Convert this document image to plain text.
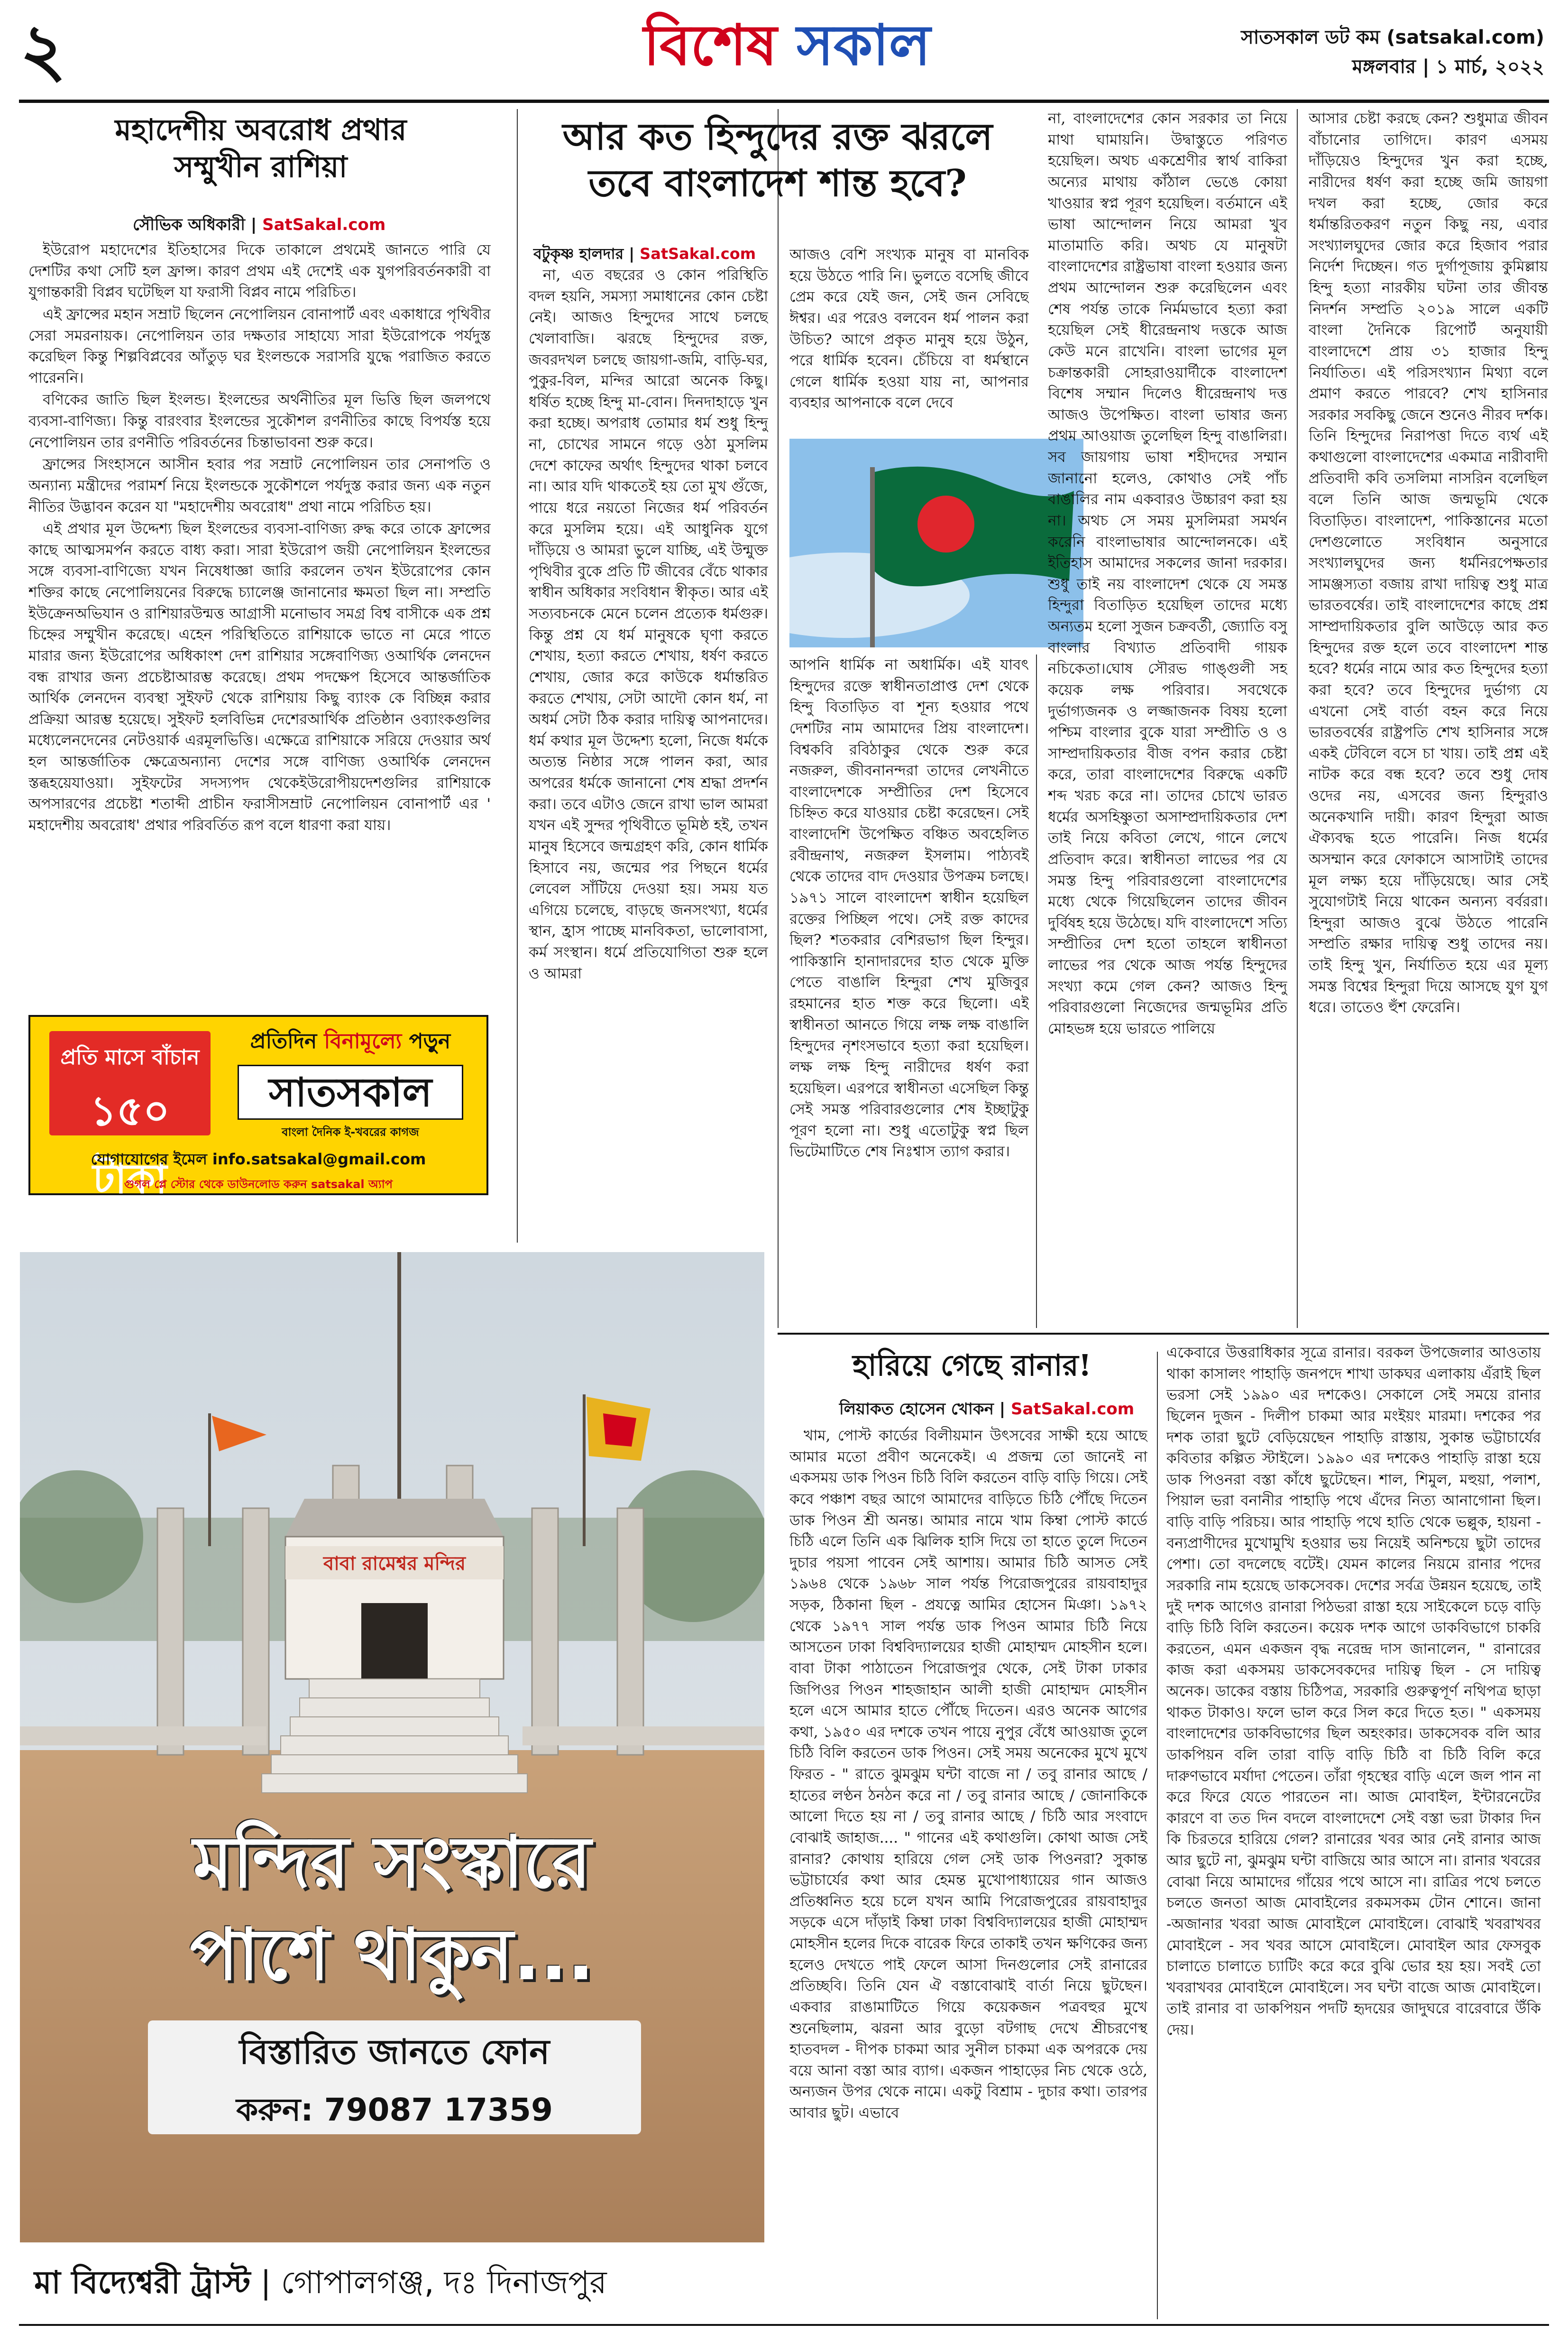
২	বিশেষ সকাল	সাতসকাল ডট কম (satsakal.com)
মঙ্গলবার | ১ মার্চ, ২০২২
মহাদেশীয় অবরোধ প্রথার সম্মুখীন রাশিয়া
সৌভিক অধিকারী | SatSakal.com

ইউরোপ মহাদেশের ইতিহাসের দিকে তাকালে প্রথমেই জানতে পারি যে দেশটির কথা সেটি হল ফ্রান্স। কারণ প্রথম এই দেশেই এক যুগপরিবর্তনকারী বা যুগান্তকারী বিপ্লব ঘটেছিল যা ফরাসী বিপ্লব নামে পরিচিত।

এই ফ্রান্সের মহান সম্রাট ছিলেন নেপোলিয়ন বোনাপার্ট এবং একাধারে পৃথিবীর সেরা সমরনায়ক। নেপোলিয়ন তার দক্ষতার সাহায্যে সারা ইউরোপকে পর্যদুস্ত করেছিল কিন্তু শিল্পবিপ্লবের আঁতুড় ঘর ইংলন্ডকে সরাসরি যুদ্ধে পরাজিত করতে পারেননি।

বণিকের জাতি ছিল ইংলন্ড। ইংলন্ডের অর্থনীতির মূল ভিত্তি ছিল জলপথে ব্যবসা-বাণিজ্য। কিন্তু বারংবার ইংলন্ডের সুকৌশল রণনীতির কাছে বিপর্যস্ত হয়ে নেপোলিয়ন তার রণনীতি পরিবর্তনের চিন্তাভাবনা শুরু করে।

ফ্রান্সের সিংহাসনে আসীন হবার পর সম্রাট নেপোলিয়ন তার সেনাপতি ও অন্যান্য মন্ত্রীদের পরামর্শ নিয়ে ইংলন্ডকে সুকৌশলে পর্যদুস্ত করার জন্য এক নতুন নীতির উদ্ভাবন করেন যা "মহাদেশীয় অবরোধ" প্রথা নামে পরিচিত হয়।

এই প্রথার মূল উদ্দেশ্য ছিল ইংলন্ডের ব্যবসা-বাণিজ্য রুদ্ধ করে তাকে ফ্রান্সের কাছে আত্মসমর্পন করতে বাধ্য করা। সারা ইউরোপ জয়ী নেপোলিয়ন ইংলন্ডের সঙ্গে ব্যবসা-বাণিজ্যে যখন নিষেধাজ্ঞা জারি করলেন তখন ইউরোপের কোন শক্তির কাছে নেপোলিয়নের বিরুদ্ধে চ্যালেঞ্জ জানানোর ক্ষমতা ছিল না। সম্প্রতি ইউক্রেনঅভিযান ও রাশিয়ারউন্মত্ত আগ্রাসী মনোভাব সমগ্র বিশ্ব বাসীকে এক প্রশ্ন চিহ্নের সম্মুখীন করেছে। এহেন পরিস্থিতিতে রাশিয়াকে ভাতে না মেরে পাতে মারার জন্য ইউরোপের অধিকাংশ দেশ রাশিয়ার সঙ্গেবাণিজ্য ওআর্থিক লেনদেন বন্ধ রাখার জন্য প্রচেষ্টাআরম্ভ করেছে। প্রথম পদক্ষেপ হিসেবে আন্তর্জাতিক আর্থিক লেনদেন ব্যবস্থা সুইফট থেকে রাশিয়ায় কিছু ব্যাংক কে বিচ্ছিন্ন করার প্রক্রিয়া আরম্ভ হয়েছে। সুইফট হলবিভিন্ন দেশেরআর্থিক প্রতিষ্ঠান ওব্যাংকগুলির মধ্যেলেনদেনের নেটওয়ার্ক এরমূলভিত্তি। এক্ষেত্রে রাশিয়াকে সরিয়ে দেওয়ার অর্থ হল আন্তর্জাতিক ক্ষেত্রেঅন্যান্য দেশের সঙ্গে বাণিজ্য ওআর্থিক লেনদেন স্তব্ধহয়েযাওয়া। সুইফটের সদস্যপদ থেকেইউরোপীয়দেশগুলির রাশিয়াকে অপসারণের প্রচেষ্টা শতাব্দী প্রাচীন ফরাসীসম্রাট নেপোলিয়ন বোনাপার্ট এর ' মহাদেশীয় অবরোধ' প্রথার পরিবর্তিত রূপ বলে ধারণা করা যায়।

প্রতি মাসে বাঁচান
১৫০ টাকা
প্রতিদিন বিনামূল্যে পড়ুন
সাতসকাল
বাংলা দৈনিক ই-খবরের কাগজ
যোগাযোগের ইমেল info.satsakal@gmail.com
গুগল প্লে স্টোর থেকে ডাউনলোড করুন satsakal অ্যাপ
বাবা রামেশ্বর মন্দির
মন্দির সংস্কারে
পাশে থাকুন...
বিস্তারিত জানতে ফোন
করুন: 79087 17359
মা বিদ্যেশ্বরী ট্রাস্ট | গোপালগঞ্জ, দঃ দিনাজপুর
আর কত হিন্দুদের রক্ত ঝরলে তবে বাংলাদেশ শান্ত হবে?
বটুকৃষ্ণ হালদার | SatSakal.com

না, এত বছরের ও কোন পরিস্থিতি বদল হয়নি, সমস্যা সমাধানের কোন চেষ্টা নেই। আজও হিন্দুদের সাথে চলছে খেলাবাজি। ঝরছে হিন্দুদের রক্ত, জবরদখল চলছে জায়গা-জমি, বাড়ি-ঘর, পুকুর-বিল, মন্দির আরো অনেক কিছু। ধর্ষিত হচ্ছে হিন্দু মা-বোন। দিনদাহাড়ে খুন করা হচ্ছে। অপরাধ তোমার ধর্ম শুধু হিন্দু না, চোখের সামনে গড়ে ওঠা মুসলিম দেশে কাফের অর্থাৎ হিন্দুদের থাকা চলবে না। আর যদি থাকতেই হয় তো মুখ গুঁজে, পায়ে ধরে নয়তো নিজের ধর্ম পরিবর্তন করে মুসলিম হয়ে। এই আধুনিক যুগে দাঁড়িয়ে ও আমরা ভুলে যাচ্ছি, এই উন্মুক্ত পৃথিবীর বুকে প্রতি টি জীবের বেঁচে থাকার স্বাধীন অধিকার সংবিধান স্বীকৃত। আর এই সত্যবচনকে মেনে চলেন প্রত্যেক ধর্মগুরু। কিন্তু প্রশ্ন যে ধর্ম মানুষকে ঘৃণা করতে শেখায়, হত্যা করতে শেখায়, ধর্ষণ করতে শেখায়, জোর করে কাউকে ধর্মান্তরিত করতে শেখায়, সেটা আদৌ কোন ধর্ম, না অধর্ম সেটা ঠিক করার দায়িত্ব আপনাদের। ধর্ম কথার মূল উদ্দেশ্য হলো, নিজে ধর্মকে অত্যন্ত নিষ্ঠার সঙ্গে পালন করা, আর অপরের ধর্মকে জানানো শেষ শ্রদ্ধা প্রদর্শন করা। তবে এটাও জেনে রাখা ভাল আমরা যখন এই সুন্দর পৃথিবীতে ভূমিষ্ঠ হই, তখন মানুষ হিসেবে জন্মগ্রহণ করি, কোন ধার্মিক হিসাবে নয়, জন্মের পর পিছনে ধর্মের লেবেল সাঁটিয়ে দেওয়া হয়। সময় যত এগিয়ে চলেছে, বাড়ছে জনসংখ্যা, ধর্মের স্থান, হ্রাস পাচ্ছে মানবিকতা, ভালোবাসা, কর্ম সংস্থান। ধর্মে প্রতিযোগিতা শুরু হলে ও আমরা

আজও বেশি সংখ্যক মানুষ বা মানবিক হয়ে উঠতে পারি নি। ভুলতে বসেছি জীবে প্রেম করে যেই জন, সেই জন সেবিছে ঈশ্বর। এর পরেও বলবেন ধর্ম পালন করা উচিত? আগে প্রকৃত মানুষ হয়ে উঠুন, পরে ধার্মিক হবেন। চেঁচিয়ে বা ধর্মস্থানে গেলে ধার্মিক হওয়া যায় না, আপনার ব্যবহার আপনাকে বলে দেবে

আপনি ধার্মিক না অধার্মিক। এই যাবৎ হিন্দুদের রক্তে স্বাধীনতাপ্রাপ্ত দেশ থেকে হিন্দু বিতাড়িত বা শূন্য হওয়ার পথে দেশটির নাম আমাদের প্রিয় বাংলাদেশ। বিশ্বকবি রবিঠাকুর থেকে শুরু করে নজরুল, জীবনানন্দরা তাদের লেখনীতে বাংলাদেশকে সম্প্রীতির দেশ হিসেবে চিহ্নিত করে যাওয়ার চেষ্টা করেছেন। সেই বাংলাদেশি উপেক্ষিত বঞ্চিত অবহেলিত রবীন্দ্রনাথ, নজরুল ইসলাম। পাঠ্যবই থেকে তাদের বাদ দেওয়ার উপক্রম চলছে। ১৯৭১ সালে বাংলাদেশ স্বাধীন হয়েছিল রক্তের পিচ্ছিল পথে। সেই রক্ত কাদের ছিল? শতকরার বেশিরভাগ ছিল হিন্দুর। পাকিস্তানি হানাদারদের হাত থেকে মুক্তি পেতে বাঙালি হিন্দুরা শেখ মুজিবুর রহমানের হাত শক্ত করে ছিলো। এই স্বাধীনতা আনতে গিয়ে লক্ষ লক্ষ বাঙালি হিন্দুদের নৃশংসভাবে হত্যা করা হয়েছিল। লক্ষ লক্ষ হিন্দু নারীদের ধর্ষণ করা হয়েছিল। এরপরে স্বাধীনতা এসেছিল কিন্তু সেই সমস্ত পরিবারগুলোর শেষ ইচ্ছাটুকু পূরণ হলো না। শুধু এতোটুকু স্বপ্ন ছিল ভিটেমাটিতে শেষ নিঃশ্বাস ত্যাগ করার।

না, বাংলাদেশের কোন সরকার তা নিয়ে মাথা ঘামায়নি। উদ্বাস্তুতে পরিণত হয়েছিল। অথচ একশ্রেণীর স্বার্থ বাকিরা অন্যের মাথায় কাঁঠাল ভেঙে কোয়া খাওয়ার স্বপ্ন পূরণ হয়েছিল। বর্তমানে এই ভাষা আন্দোলন নিয়ে আমরা খুব মাতামাতি করি। অথচ যে মানুষটা বাংলাদেশের রাষ্ট্রভাষা বাংলা হওয়ার জন্য প্রথম আন্দোলন শুরু করেছিলেন এবং শেষ পর্যন্ত তাকে নির্মমভাবে হত্যা করা হয়েছিল সেই ধীরেন্দ্রনাথ দত্তকে আজ কেউ মনে রাখেনি। বাংলা ভাগের মূল চক্রান্তকারী সোহরাওয়ার্দীকে বাংলাদেশ বিশেষ সম্মান দিলেও ধীরেন্দ্রনাথ দত্ত আজও উপেক্ষিত। বাংলা ভাষার জন্য প্রথম আওয়াজ তুলেছিল হিন্দু বাঙালিরা। সব জায়গায় ভাষা শহীদদের সম্মান জানানো হলেও, কোথাও সেই পাঁচ বাঙালির নাম একবারও উচ্চারণ করা হয় না। অথচ সে সময় মুসলিমরা সমর্থন করেনি বাংলাভাষার আন্দোলনকে। এই ইতিহাস আমাদের সকলের জানা দরকার। শুধু তাই নয় বাংলাদেশ থেকে যে সমস্ত হিন্দুরা বিতাড়িত হয়েছিল তাদের মধ্যে অন্যতম হলো সুজন চক্রবর্তী, জ্যোতি বসু বাংলার বিখ্যাত প্রতিবাদী গায়ক নচিকেতা।ঘোষ সৌরভ গাঙ্গুলী সহ কয়েক লক্ষ পরিবার। সবথেকে দুর্ভাগ্যজনক ও লজ্জাজনক বিষয় হলো পশ্চিম বাংলার বুকে যারা সম্প্রীতি ও ও সাম্প্রদায়িকতার বীজ বপন করার চেষ্টা করে, তারা বাংলাদেশের বিরুদ্ধে একটি শব্দ খরচ করে না। তাদের চোখে ভারত ধর্মের অসহিষ্ণুতা অসাম্প্রদায়িকতার দেশ তাই নিয়ে কবিতা লেখে, গানে লেখে প্রতিবাদ করে। স্বাধীনতা লাভের পর যে সমস্ত হিন্দু পরিবারগুলো বাংলাদেশের মধ্যে থেকে গিয়েছিলেন তাদের জীবন দুর্বিষহ হয়ে উঠেছে। যদি বাংলাদেশে সত্যি সম্প্রীতির দেশ হতো তাহলে স্বাধীনতা লাভের পর থেকে আজ পর্যন্ত হিন্দুদের সংখ্যা কমে গেল কেন? আজও হিন্দু পরিবারগুলো নিজেদের জন্মভূমির প্রতি মোহভঙ্গ হয়ে ভারতে পালিয়ে

আসার চেষ্টা করছে কেন? শুধুমাত্র জীবন বাঁচানোর তাগিদে। কারণ এসময় দাঁড়িয়েও হিন্দুদের খুন করা হচ্ছে, নারীদের ধর্ষণ করা হচ্ছে জমি জায়গা দখল করা হচ্ছে, জোর করে ধর্মান্তরিতকরণ নতুন কিছু নয়, এবার সংখ্যালঘুদের জোর করে হিজাব পরার নির্দেশ দিচ্ছেন। গত দুর্গাপূজায় কুমিল্লায় হিন্দু হত্যা নারকীয় ঘটনা তার জীবন্ত নিদর্শন সম্প্রতি ২০১৯ সালে একটি বাংলা দৈনিকে রিপোর্ট অনুযায়ী বাংলাদেশে প্রায় ৩১ হাজার হিন্দু নির্যাতিত। এই পরিসংখ্যান মিথ্যা বলে প্রমাণ করতে পারবে? শেখ হাসিনার সরকার সবকিছু জেনে শুনেও নীরব দর্শক। তিনি হিন্দুদের নিরাপত্তা দিতে ব্যর্থ এই কথাগুলো বাংলাদেশের একমাত্র নারীবাদী প্রতিবাদী কবি তসলিমা নাসরিন বলেছিল বলে তিনি আজ জন্মভূমি থেকে বিতাড়িত। বাংলাদেশ, পাকিস্তানের মতো দেশগুলোতে সংবিধান অনুসারে সংখ্যালঘুদের জন্য ধর্মনিরপেক্ষতার সামঞ্জস্যতা বজায় রাখা দায়িত্ব শুধু মাত্র ভারতবর্ষের। তাই বাংলাদেশের কাছে প্রশ্ন সাম্প্রদায়িকতার বুলি আউড়ে আর কত হিন্দুদের রক্ত হলে তবে বাংলাদেশ শান্ত হবে? ধর্মের নামে আর কত হিন্দুদের হত্যা করা হবে? তবে হিন্দুদের দুর্ভাগ্য যে এখনো সেই বার্তা বহন করে নিয়ে ভারতবর্ষের রাষ্ট্রপতি শেখ হাসিনার সঙ্গে একই টেবিলে বসে চা খায়। তাই প্রশ্ন এই নাটক করে বন্ধ হবে? তবে শুধু দোষ ওদের নয়, এসবের জন্য হিন্দুরাও অনেকখানি দায়ী। কারণ হিন্দুরা আজ ঐক্যবদ্ধ হতে পারেনি। নিজ ধর্মের অসম্মান করে ফোকাসে আসাটাই তাদের মূল লক্ষ্য হয়ে দাঁড়িয়েছে। আর সেই সুযোগটাই নিয়ে থাকেন অন্যন্য বর্বররা। হিন্দুরা আজও বুঝে উঠতে পারেনি সম্প্রতি রক্ষার দায়িত্ব শুধু তাদের নয়। তাই হিন্দু খুন, নির্যাতিত হয়ে এর মূল্য সমস্ত বিশ্বের হিন্দুরা দিয়ে আসছে যুগ যুগ ধরে। তাতেও হুঁশ ফেরেনি।

হারিয়ে গেছে রানার!
লিয়াকত হোসেন খোকন | SatSakal.com

খাম, পোস্ট কার্ডের বিলীয়মান উৎসবের সাক্ষী হয়ে আছে আমার মতো প্রবীণ অনেকেই। এ প্রজন্ম তো জানেই না একসময় ডাক পিওন চিঠি বিলি করতেন বাড়ি বাড়ি গিয়ে। সেই কবে পঞ্চাশ বছর আগে আমাদের বাড়িতে চিঠি পৌঁছে দিতেন ডাক পিওন শ্রী অনন্ত। আমার নামে খাম কিম্বা পোস্ট কার্ডে চিঠি এলে তিনি এক ঝিলিক হাসি দিয়ে তা হাতে তুলে দিতেন দুচার পয়সা পাবেন সেই আশায়। আমার চিঠি আসত সেই ১৯৬৪ থেকে ১৯৬৮ সাল পর্যন্ত পিরোজপুরের রায়বাহাদুর সড়ক, ঠিকানা ছিল - প্রযত্নে আমির হোসেন মিঞা। ১৯৭২ থেকে ১৯৭৭ সাল পর্যন্ত ডাক পিওন আমার চিঠি নিয়ে আসতেন ঢাকা বিশ্ববিদ্যালয়ের হাজী মোহাম্মদ মোহসীন হলে। বাবা টাকা পাঠাতেন পিরোজপুর থেকে, সেই টাকা ঢাকার জিপিওর পিওন শাহজাহান আলী হাজী মোহাম্মদ মোহসীন হলে এসে আমার হাতে পৌঁছে দিতেন। এরও অনেক আগের কথা, ১৯৫০ এর দশকে তখন পায়ে নুপুর বেঁধে আওয়াজ তুলে চিঠি বিলি করতেন ডাক পিওন। সেই সময় অনেকের মুখে মুখে ফিরত - " রাতে ঝুমঝুম ঘন্টা বাজে না / তবু রানার আছে / হাতের লণ্ঠন ঠনঠন করে না / তবু রানার আছে / জোনাকিকে আলো দিতে হয় না / তবু রানার আছে / চিঠি আর সংবাদে বোঝাই জাহাজ.... " গানের এই কথাগুলি। কোথা আজ সেই রানার? কোথায় হারিয়ে গেল সেই ডাক পিওনরা? সুকান্ত ভট্টাচার্যের কথা আর হেমন্ত মুখোপাধ্যায়ের গান আজও প্রতিধ্বনিত হয়ে চলে যখন আমি পিরোজপুরের রায়বাহাদুর সড়কে এসে দাঁড়াই কিম্বা ঢাকা বিশ্ববিদ্যালয়ের হাজী মোহাম্মদ মোহসীন হলের দিকে বারেক ফিরে তাকাই তখন ক্ষণিকের জন্য হলেও দেখতে পাই ফেলে আসা দিনগুলোর সেই রানারের প্রতিচ্ছবি। তিনি যেন ঐ বস্তাবোঝাই বার্তা নিয়ে ছুটছেন। একবার রাঙামাটিতে গিয়ে কয়েকজন পত্রবহুর মুখে শুনেছিলাম, ঝরনা আর বুড়ো বটগাছ দেখে শ্রীচরণেস্থ হাতবদল - দীপক চাকমা আর সুনীল চাকমা এক অপরকে দেয় বয়ে আনা বস্তা আর ব্যাগ। একজন পাহাড়ের নিচ থেকে ওঠে, অন্যজন উপর থেকে নামে। একটু বিশ্রাম - দুচার কথা। তারপর আবার ছুট। এভাবে

একেবারে উত্তরাধিকার সূত্রে রানার। বরকল উপজেলার আওতায় থাকা কাসালং পাহাড়ি জনপদে শাখা ডাকঘর এলাকায় এঁরাই ছিল ভরসা সেই ১৯৯০ এর দশকেও। সেকালে সেই সময়ে রানার ছিলেন দুজন - দিলীপ চাকমা আর মংইয়ং মারমা। দশকের পর দশক তারা ছুটে বেড়িয়েছেন পাহাড়ি রাস্তায়, সুকান্ত ভট্টাচার্যের কবিতার কল্পিত স্টাইলে। ১৯৯০ এর দশকেও পাহাড়ি রাস্তা হয়ে ডাক পিওনরা বস্তা কাঁধে ছুটেছেন। শাল, শিমুল, মহুয়া, পলাশ, পিয়াল ভরা বনানীর পাহাড়ি পথে এঁদের নিত্য আনাগোনা ছিল। বাড়ি বাড়ি পরিচয়। আর পাহাড়ি পথে হাতি থেকে ভল্লুক, হায়না - বন্যপ্রাণীদের মুখোমুখি হওয়ার ভয় নিয়েই অনিশ্চয়ে ছুটা তাদের পেশা। তো বদলেছে বটেই। যেমন কালের নিয়মে রানার পদের সরকারি নাম হয়েছে ডাকসেবক। দেশের সর্বত্র উন্নয়ন হয়েছে, তাই দুই দশক আগেও রানারা পিঠভরা রাস্তা হয়ে সাইকেলে চড়ে বাড়ি বাড়ি চিঠি বিলি করতেন। কয়েক দশক আগে ডাকবিভাগে চাকরি করতেন, এমন একজন বৃদ্ধ নরেন্দ্র দাস জানালেন, " রানারের কাজ করা একসময় ডাকসেবকদের দায়িত্ব ছিল - সে দায়িত্ব অনেক। ডাকের বস্তায় চিঠিপত্র, সরকারি গুরুত্বপূর্ণ নথিপত্র ছাড়া থাকত টাকাও। ফলে ভাল করে সিল করে দিতে হত। " একসময় বাংলাদেশের ডাকবিভাগের ছিল অহংকার। ডাকসেবক বলি আর ডাকপিয়ন বলি তারা বাড়ি বাড়ি চিঠি বা চিঠি বিলি করে দারুণভাবে মর্যাদা পেতেন। তাঁরা গৃহস্থের বাড়ি এলে জল পান না করে ফিরে যেতে পারতেন না। আজ মোবাইল, ইন্টারনেটের কারণে বা তত দিন বদলে বাংলাদেশে সেই বস্তা ভরা টাকার দিন কি চিরতরে হারিয়ে গেল? রানারের খবর আর নেই রানার আজ আর ছুটে না, ঝুমঝুম ঘন্টা বাজিয়ে আর আসে না। রানার খবরের বোঝা নিয়ে আমাদের গাঁয়ের পথে আসে না। রাত্রির পথে চলতে চলতে জনতা আজ মোবাইলের রকমসকম টোন শোনে। জানা -অজানার খবরা আজ মোবাইলে মোবাইলে। বোঝাই খবরাখবর মোবাইলে - সব খবর আসে মোবাইলে। মোবাইল আর ফেসবুক চালাতে চালাতে চ্যাটিং করে করে বুঝি ভোর হয় হয়। সবই তো খবরাখবর মোবাইলে মোবাইলে। সব ঘন্টা বাজে আজ মোবাইলে। তাই রানার বা ডাকপিয়ন পদটি হৃদয়ের জাদুঘরে বারেবারে উঁকি দেয়।
